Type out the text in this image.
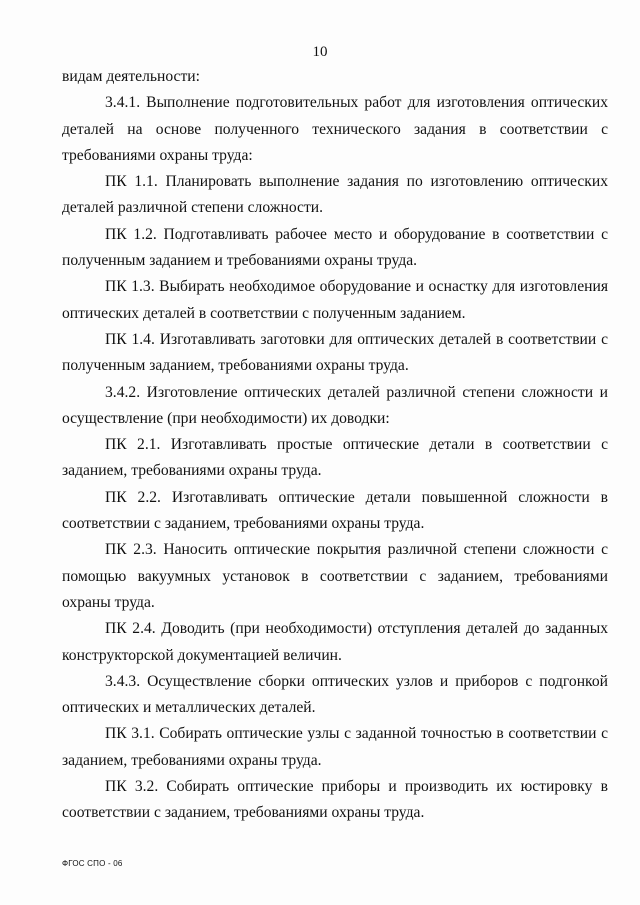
10

видам деятельности:

3.4.1. Выполнение подготовительных работ для изготовления оптических деталей на основе полученного технического задания в соответствии с требованиями охраны труда:

ПК 1.1. Планировать выполнение задания по изготовлению оптических деталей различной степени сложности.

ПК 1.2. Подготавливать рабочее место и оборудование в соответствии с полученным заданием и требованиями охраны труда.

ПК 1.3. Выбирать необходимое оборудование и оснастку для изготовления оптических деталей в соответствии с полученным заданием.

ПК 1.4. Изготавливать заготовки для оптических деталей в соответствии с полученным заданием, требованиями охраны труда.

3.4.2. Изготовление оптических деталей различной степени сложности и осуществление (при необходимости) их доводки:

ПК 2.1. Изготавливать простые оптические детали в соответствии с заданием, требованиями охраны труда.

ПК 2.2. Изготавливать оптические детали повышенной сложности в соответствии с заданием, требованиями охраны труда.

ПК 2.3. Наносить оптические покрытия различной степени сложности с помощью вакуумных установок в соответствии с заданием, требованиями охраны труда.

ПК 2.4. Доводить (при необходимости) отступления деталей до заданных конструкторской документацией величин.

3.4.3. Осуществление сборки оптических узлов и приборов с подгонкой оптических и металлических деталей.

ПК 3.1. Собирать оптические узлы с заданной точностью в соответствии с заданием, требованиями охраны труда.

ПК 3.2. Собирать оптические приборы и производить их юстировку в соответствии с заданием, требованиями охраны труда.

ФГОС СПО - 06
